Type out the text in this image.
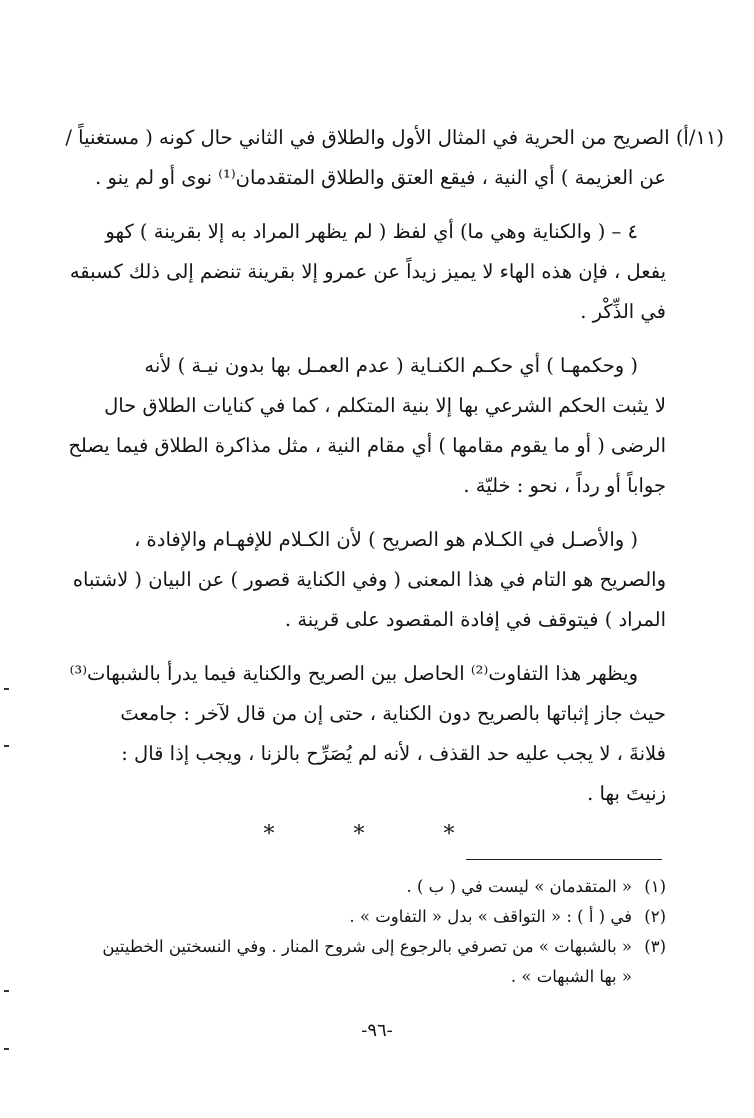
(١١/أ) الصريح من الحرية في المثال الأول والطلاق في الثاني حال كونه ( مستغنياً /
عن العزيمة ) أي النية ، فيقع العتق والطلاق المتقدمان⁽¹⁾ نوى أو لم ينو .

٤ – ( والكناية وهي ما) أي لفظ ( لم يظهر المراد به إلا بقرينة ) كهو
يفعل ، فإن هذه الهاء لا يميز زيداً عن عمرو إلا بقرينة تنضم إلى ذلك كسبقه
في الذِّكْر .

( وحكمهـا ) أي حكـم الكنـاية ( عدم العمـل بها بدون نيـة ) لأنه
لا يثبت الحكم الشرعي بها إلا بنية المتكلم ، كما في كنايات الطلاق حال
الرضى ( أو ما يقوم مقامها ) أي مقام النية ، مثل مذاكرة الطلاق فيما يصلح
جواباً أو رداً ، نحو : خليّة .

( والأصـل في الكـلام هو الصريح ) لأن الكـلام للإفهـام والإفادة ،
والصريح هو التام في هذا المعنى ( وفي الكناية قصور ) عن البيان ( لاشتباه
المراد ) فيتوقف في إفادة المقصود على قرينة .

ويظهر هذا التفاوت⁽²⁾ الحاصل بين الصريح والكناية فيما يدرأ بالشبهات⁽³⁾
حيث جاز إثباتها بالصريح دون الكناية ، حتى إن من قال لآخر : جامعتَ
فلانةَ ، لا يجب عليه حد القذف ، لأنه لم يُصَرِّح بالزنا ، ويجب إذا قال :
زنيتَ بها .

* * *
(١)
« المتقدمان » ليست في ( ب ) .
(٢)
في ( أ ) : « التواقف » بدل « التفاوت » .
(٣)
« بالشبهات » من تصرفي بالرجوع إلى شروح المنار . وفي النسختين الخطيتين
« بها الشبهات » .
-٩٦-
